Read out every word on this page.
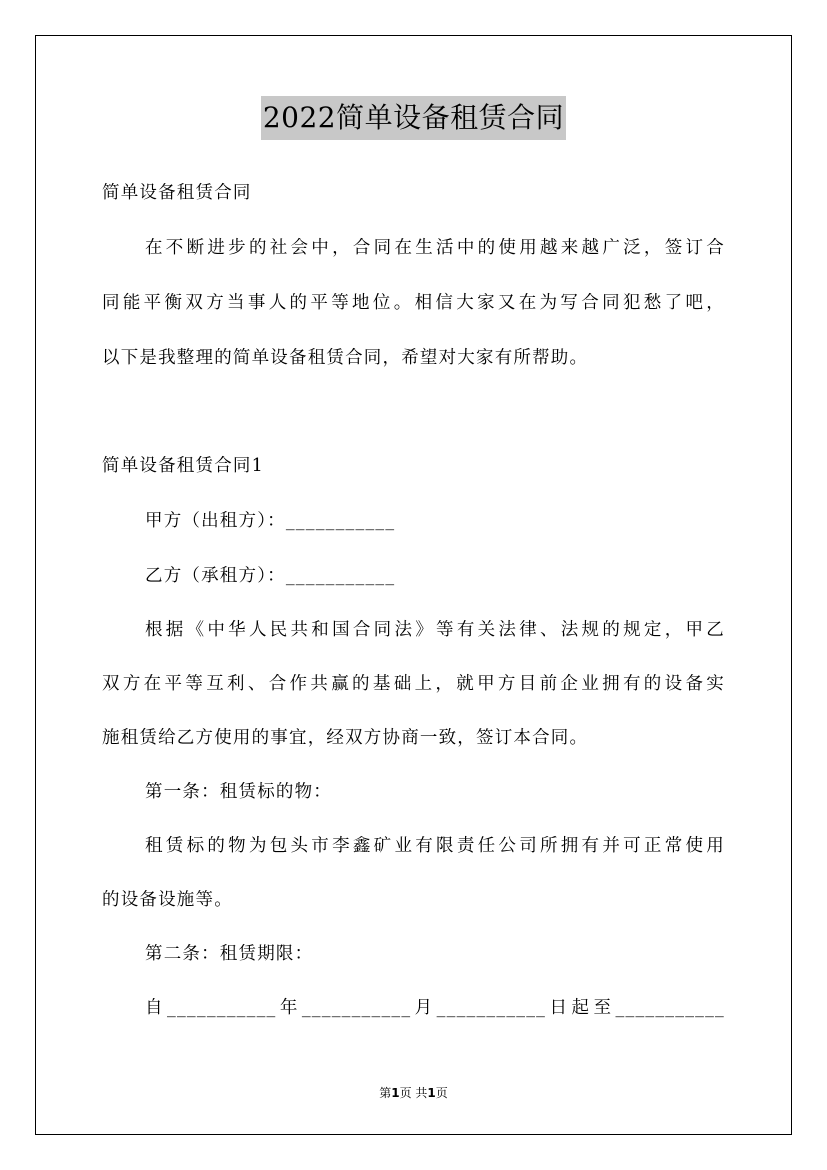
2022简单设备租赁合同
简单设备租赁合同
在不断进步的社会中，合同在生活中的使用越来越广泛，签订合
同能平衡双方当事人的平等地位。相信大家又在为写合同犯愁了吧，
以下是我整理的简单设备租赁合同，希望对大家有所帮助。
简单设备租赁合同1
甲方（出租方）：___________
乙方（承租方）：___________
根据《中华人民共和国合同法》等有关法律、法规的规定，甲乙
双方在平等互利、合作共赢的基础上，就甲方目前企业拥有的设备实
施租赁给乙方使用的事宜，经双方协商一致，签订本合同。
第一条：租赁标的物：
租赁标的物为包头市李鑫矿业有限责任公司所拥有并可正常使用
的设备设施等。
第二条：租赁期限：
自___________年___________月___________日起至___________
第1页 共1页
